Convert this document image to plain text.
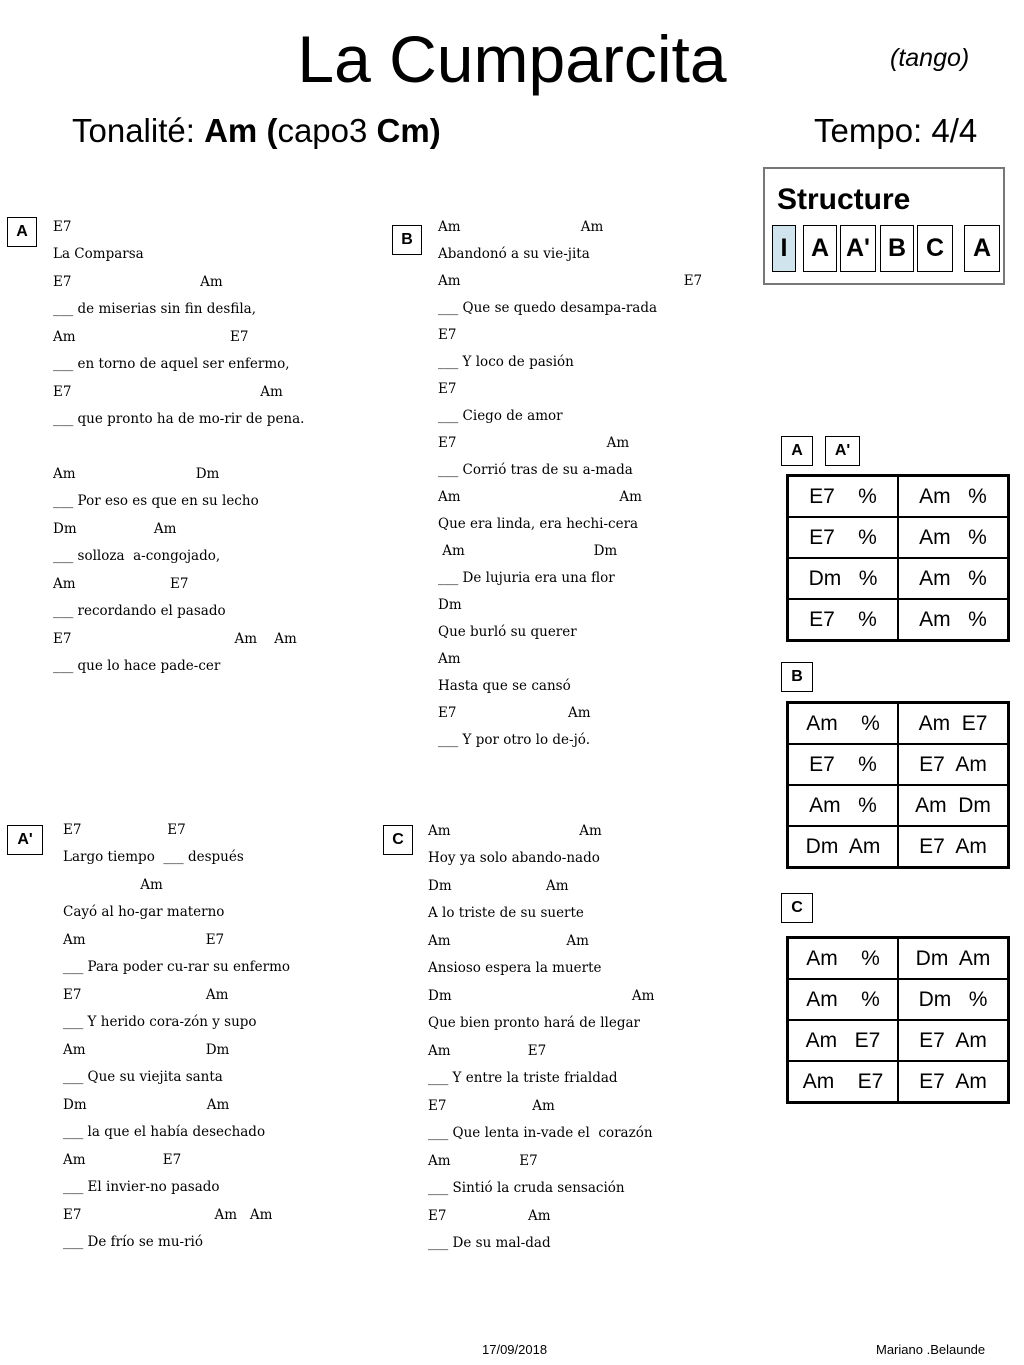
La Cumparcita	(tango)
Tonalité: Am (capo3 Cm)	Tempo: 4/4
A	B
A'	C
E7
La Comparsa
E7                              Am
___ de miserias sin fin desfila,
Am                                    E7
___ en torno de aquel ser enfermo,
E7                                            Am
___ que pronto ha de mo-rir de pena.
Am                            Dm
___ Por eso es que en su lecho
Dm                  Am
___ solloza  a-congojado,
Am                      E7
___ recordando el pasado
E7                                      Am    Am
___ que lo hace pade-cer
Am                            Am
Abandonó a su vie-jita
Am                                                    E7
___ Que se quedo desampa-rada
E7
___ Y loco de pasión
E7
___ Ciego de amor
E7                                   Am
___ Corrió tras de su a-mada
Am                                     Am
Que era linda, era hechi-cera
Am                              Dm
___ De lujuria era una flor
Dm
Que burló su querer
Am
Hasta que se cansó
E7                          Am
___ Y por otro lo de-jó.
E7                    E7
Largo tiempo  ___ después
Am
Cayó al ho-gar materno
Am                            E7
___ Para poder cu-rar su enfermo
E7                             Am
___ Y herido cora-zón y supo
Am                            Dm
___ Que su viejita santa
Dm                            Am
___ la que el había desechado
Am                  E7
___ El invier-no pasado
E7                               Am   Am
___ De frío se mu-rió
Am                              Am
Hoy ya solo abando-nado
Dm                      Am
A lo triste de su suerte
Am                           Am
Ansioso espera la muerte
Dm                                          Am
Que bien pronto hará de llegar
Am                  E7
___ Y entre la triste frialdad
E7                    Am
___ Que lenta in-vade el  corazón
Am                E7
___ Sintió la cruda sensación
E7                   Am
___ De su mal-dad
Structure
I A A' B C	A
A	A'
B
C
E7    %	Am   %
E7    %	Am   %
Dm   %	Am   %
E7    %	Am   %
Am    %	Am  E7
E7    %	E7  Am
Am   %	Am  Dm
Dm  Am	E7  Am
Am    %	Dm  Am
Am    %	Dm   %
Am   E7	E7  Am
Am    E7	E7  Am
17/09/2018	Mariano .Belaunde
